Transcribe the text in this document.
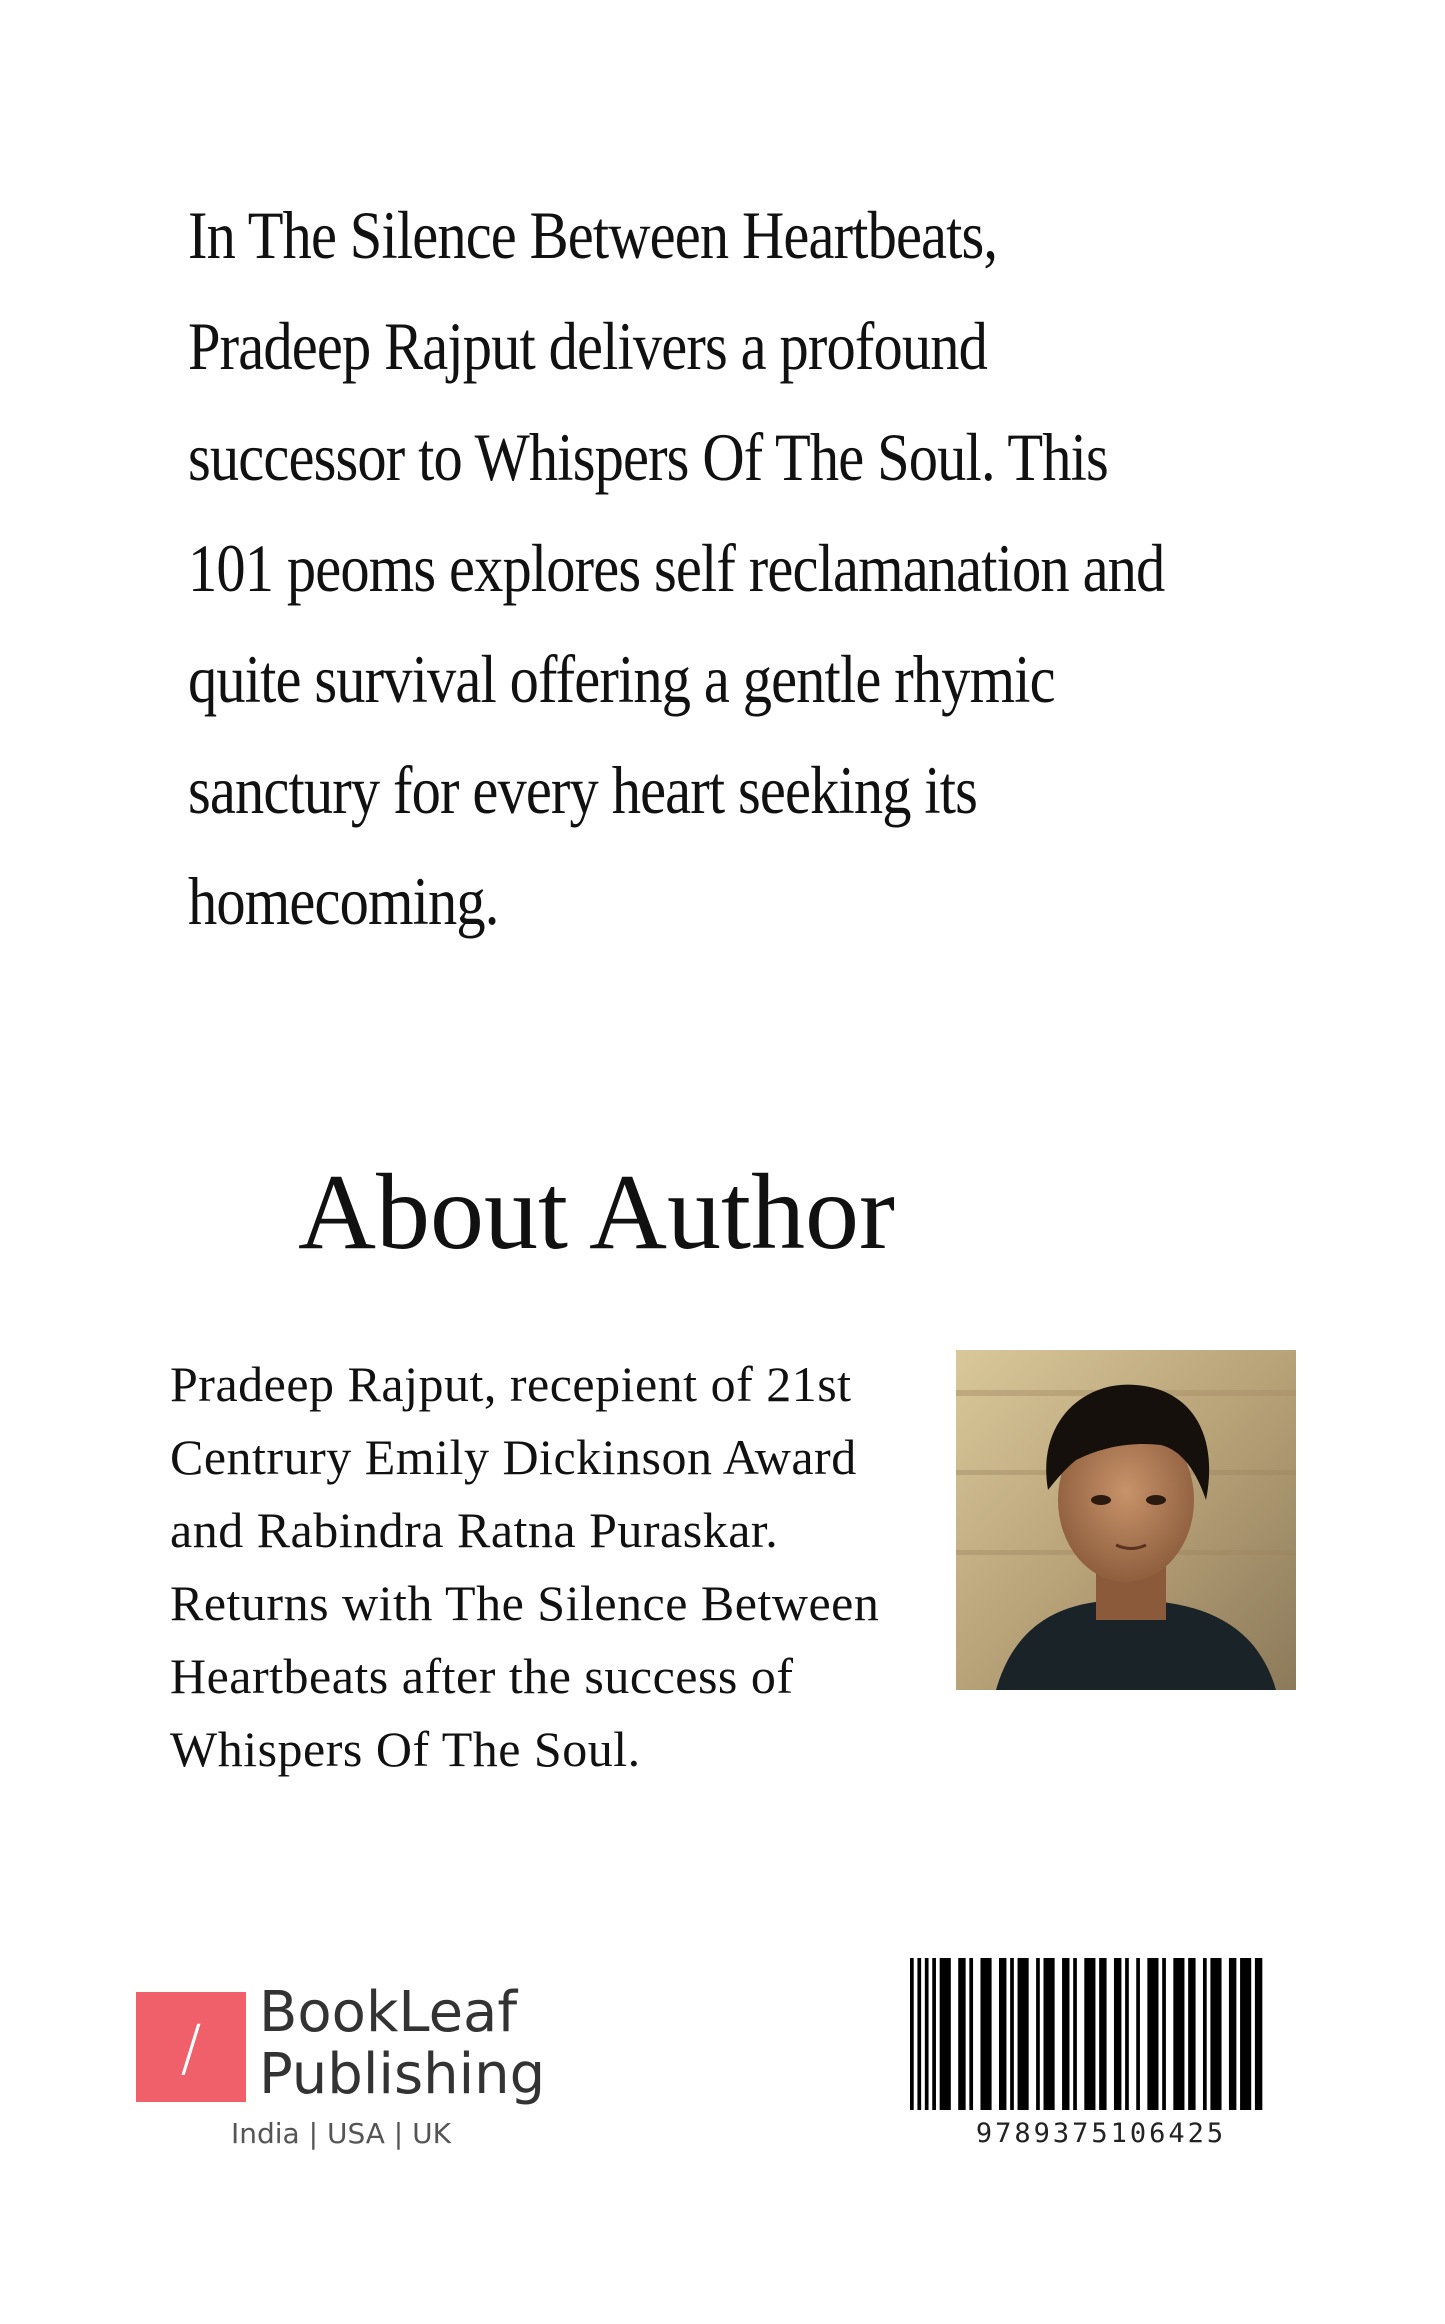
In The Silence Between Heartbeats,
Pradeep Rajput delivers a profound
successor to Whispers Of The Soul. This
101 peoms explores self reclamanation and
quite survival offering a gentle rhymic
sanctury for every heart seeking its
homecoming.

About Author

Pradeep Rajput, recepient of 21st
Centrury Emily Dickinson Award
and Rabindra Ratna Puraskar.
Returns with The Silence Between
Heartbeats after the success of
Whispers Of The Soul.

/	BookLeaf
Publishing
India | USA | UK	9789375106425
